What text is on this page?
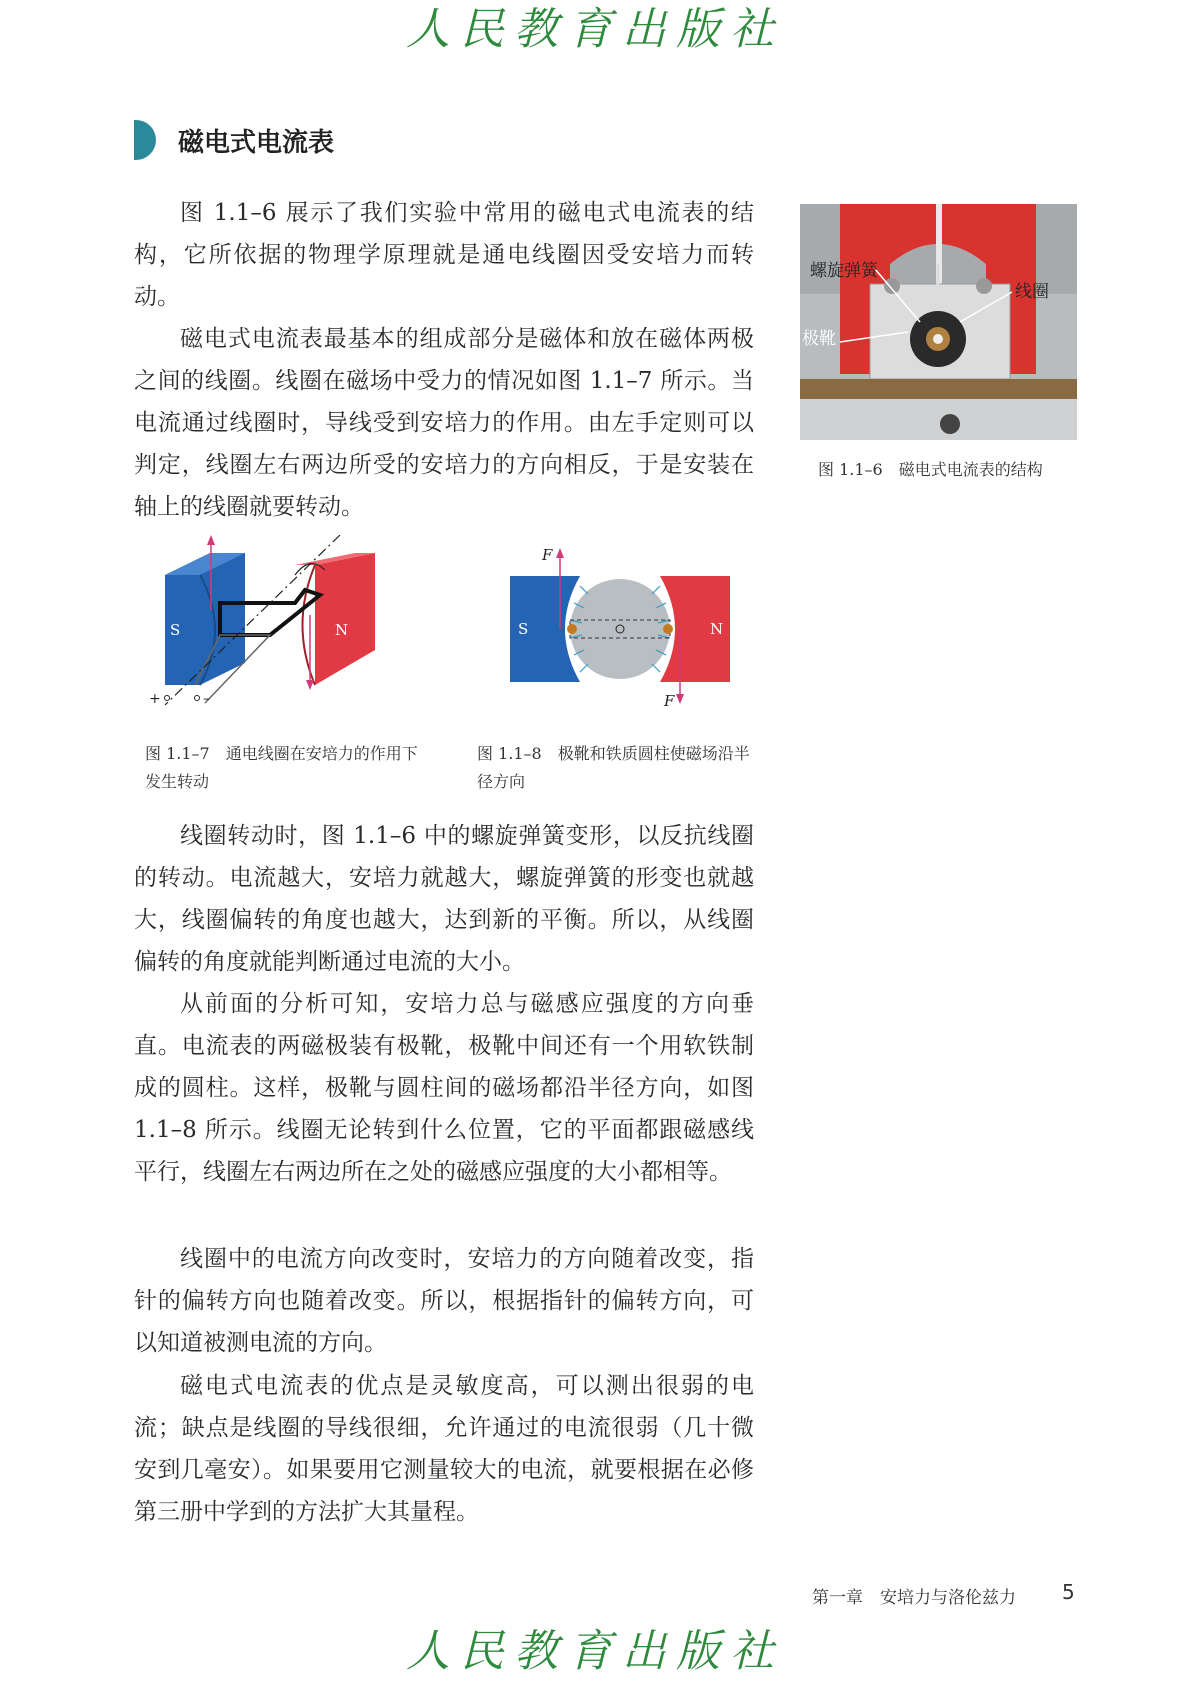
人民教育出版社
磁电式电流表

图 1.1–6 展示了我们实验中常用的磁电式电流表的结构，它所依据的物理学原理就是通电线圈因受安培力而转动。

磁电式电流表最基本的组成部分是磁体和放在磁体两极之间的线圈。线圈在磁场中受力的情况如图 1.1–7 所示。当电流通过线圈时，导线受到安培力的作用。由左手定则可以判定，线圈左右两边所受的安培力的方向相反，于是安装在轴上的线圈就要转动。

螺旋弹簧
线圈
极靴
图 1.1–6　磁电式电流表的结构
S	N
+	–
图 1.1–7　通电线圈在安培力的作用下发生转动
F
F
S	N
图 1.1–8　极靴和铁质圆柱使磁场沿半径方向

线圈转动时，图 1.1–6 中的螺旋弹簧变形，以反抗线圈的转动。电流越大，安培力就越大，螺旋弹簧的形变也就越大，线圈偏转的角度也越大，达到新的平衡。所以，从线圈偏转的角度就能判断通过电流的大小。

从前面的分析可知，安培力总与磁感应强度的方向垂直。电流表的两磁极装有极靴，极靴中间还有一个用软铁制成的圆柱。这样，极靴与圆柱间的磁场都沿半径方向，如图 1.1–8 所示。线圈无论转到什么位置，它的平面都跟磁感线平行，线圈左右两边所在之处的磁感应强度的大小都相等。

线圈中的电流方向改变时，安培力的方向随着改变，指针的偏转方向也随着改变。所以，根据指针的偏转方向，可以知道被测电流的方向。

磁电式电流表的优点是灵敏度高，可以测出很弱的电流；缺点是线圈的导线很细，允许通过的电流很弱（几十微安到几毫安）。如果要用它测量较大的电流，就要根据在必修第三册中学到的方法扩大其量程。

第一章　安培力与洛伦兹力 5
人民教育出版社
